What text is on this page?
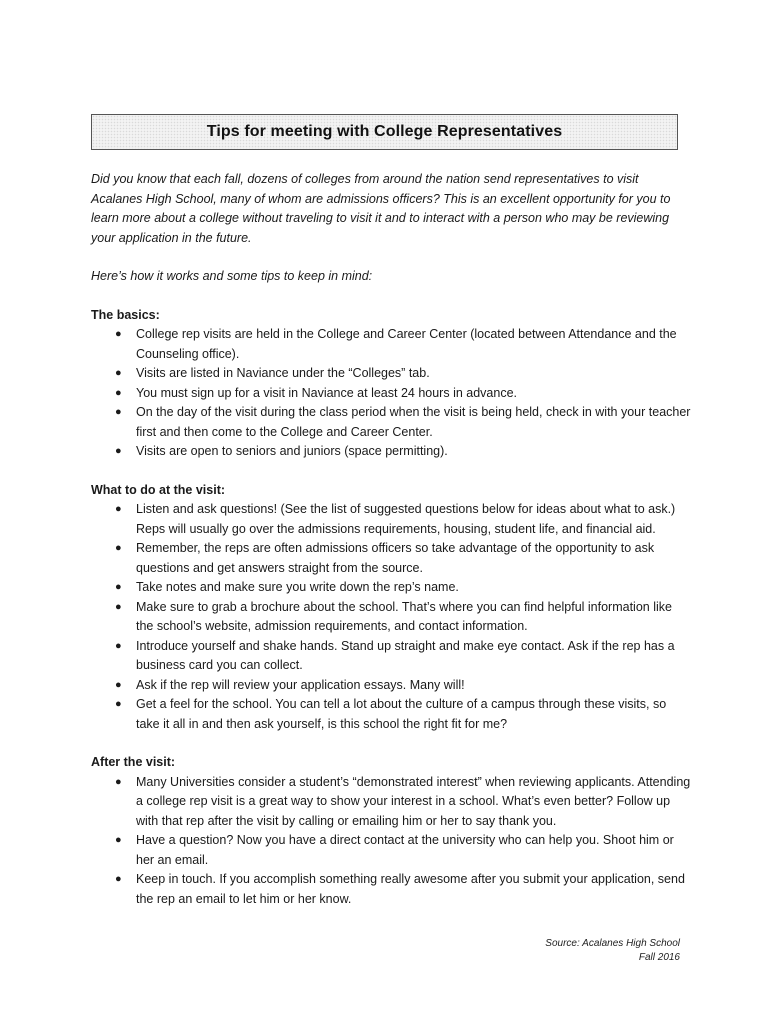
Tips for meeting with College Representatives

Did you know that each fall, dozens of colleges from around the nation send representatives to visit Acalanes High School, many of whom are admissions officers? This is an excellent opportunity for you to learn more about a college without traveling to visit it and to interact with a person who may be reviewing your application in the future.

Here’s how it works and some tips to keep in mind:

The basics:
● College rep visits are held in the College and Career Center (located between Attendance and the Counseling office).
● Visits are listed in Naviance under the “Colleges” tab.
● You must sign up for a visit in Naviance at least 24 hours in advance.
● On the day of the visit during the class period when the visit is being held, check in with your teacher first and then come to the College and Career Center.
● Visits are open to seniors and juniors (space permitting).
What to do at the visit:
● Listen and ask questions! (See the list of suggested questions below for ideas about what to ask.) Reps will usually go over the admissions requirements, housing, student life, and financial aid.
● Remember, the reps are often admissions officers so take advantage of the opportunity to ask questions and get answers straight from the source.
● Take notes and make sure you write down the rep’s name.
● Make sure to grab a brochure about the school. That’s where you can find helpful information like the school’s website, admission requirements, and contact information.
● Introduce yourself and shake hands. Stand up straight and make eye contact. Ask if the rep has a business card you can collect.
● Ask if the rep will review your application essays. Many will!
● Get a feel for the school. You can tell a lot about the culture of a campus through these visits, so take it all in and then ask yourself, is this school the right fit for me?
After the visit:
● Many Universities consider a student’s “demonstrated interest” when reviewing applicants. Attending a college rep visit is a great way to show your interest in a school. What’s even better? Follow up with that rep after the visit by calling or emailing him or her to say thank you.
● Have a question? Now you have a direct contact at the university who can help you. Shoot him or her an email.
● Keep in touch. If you accomplish something really awesome after you submit your application, send the rep an email to let him or her know.
Source: Acalanes High School
Fall 2016
